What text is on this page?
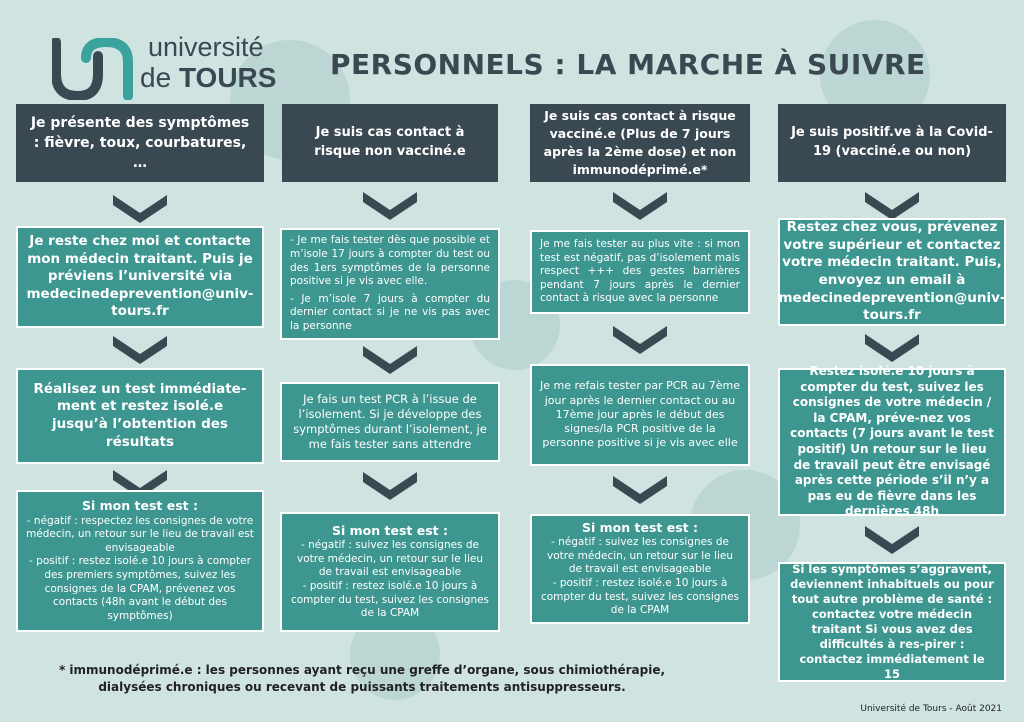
université
de TOURS PERSONNELS : LA MARCHE À SUIVRE
Je présente des symptômes : fièvre, toux, courbatures, …

Je reste chez moi et contacte mon médecin traitant. Puis je préviens l’université via medecinedeprevention@univ-tours.fr

Réalisez un test immédiate-ment et restez isolé.e jusqu’à l’obtention des résultats

Si mon test est :

- négatif : respectez les consignes de votre médecin, un retour sur le lieu de travail est envisageable

- positif : restez isolé.e 10 jours à compter des premiers symptômes, suivez les consignes de la CPAM, prévenez vos contacts (48h avant le début des symptômes)

Je suis cas contact à risque non vacciné.e

- Je me fais tester dès que possible et m’isole 17 jours à compter du test ou des 1ers symptômes de la personne positive si je vis avec elle.

- Je m’isole 7 jours à compter du dernier contact si je ne vis pas avec la personne

Je fais un test PCR à l’issue de l’isolement. Si je développe des symptômes durant l’isolement, je me fais tester sans attendre

Si mon test est :

- négatif : suivez les consignes de votre médecin, un retour sur le lieu de travail est envisageable

- positif : restez isolé.e 10 jours à compter du test, suivez les consignes de la CPAM

Je suis cas contact à risque vacciné.e (Plus de 7 jours après la 2ème dose) et non immunodéprimé.e*

Je me fais tester au plus vite : si mon test est négatif, pas d’isolement mais respect +++ des gestes barrières pendant 7 jours après le dernier contact à risque avec la personne

Je me refais tester par PCR au 7ème jour après le dernier contact ou au 17ème jour après le début des signes/la PCR positive de la personne positive si je vis avec elle

Si mon test est :

- négatif : suivez les consignes de votre médecin, un retour sur le lieu de travail est envisageable

- positif : restez isolé.e 10 jours à compter du test, suivez les consignes de la CPAM

Je suis positif.ve à la Covid-19 (vacciné.e ou non)

Restez chez vous, prévenez votre supérieur et contactez votre médecin traitant. Puis, envoyez un email à medecinedeprevention@univ-tours.fr

Restez isolé.e 10 jours à compter du test, suivez les consignes de votre médecin / la CPAM, préve-nez vos contacts (7 jours avant le test positif) Un retour sur le lieu de travail peut être envisagé après cette période s’il n’y a pas eu de fièvre dans les dernières 48h

Si les symptômes s’aggravent, deviennent inhabituels ou pour tout autre problème de santé : contactez votre médecin traitant Si vous avez des difficultés à res-pirer : contactez immédiatement le 15

* immunodéprimé.e : les personnes ayant reçu une greffe d’organe, sous chimiothérapie, dialysées chroniques ou recevant de puissants traitements antisuppresseurs.
Université de Tours - Août 2021
